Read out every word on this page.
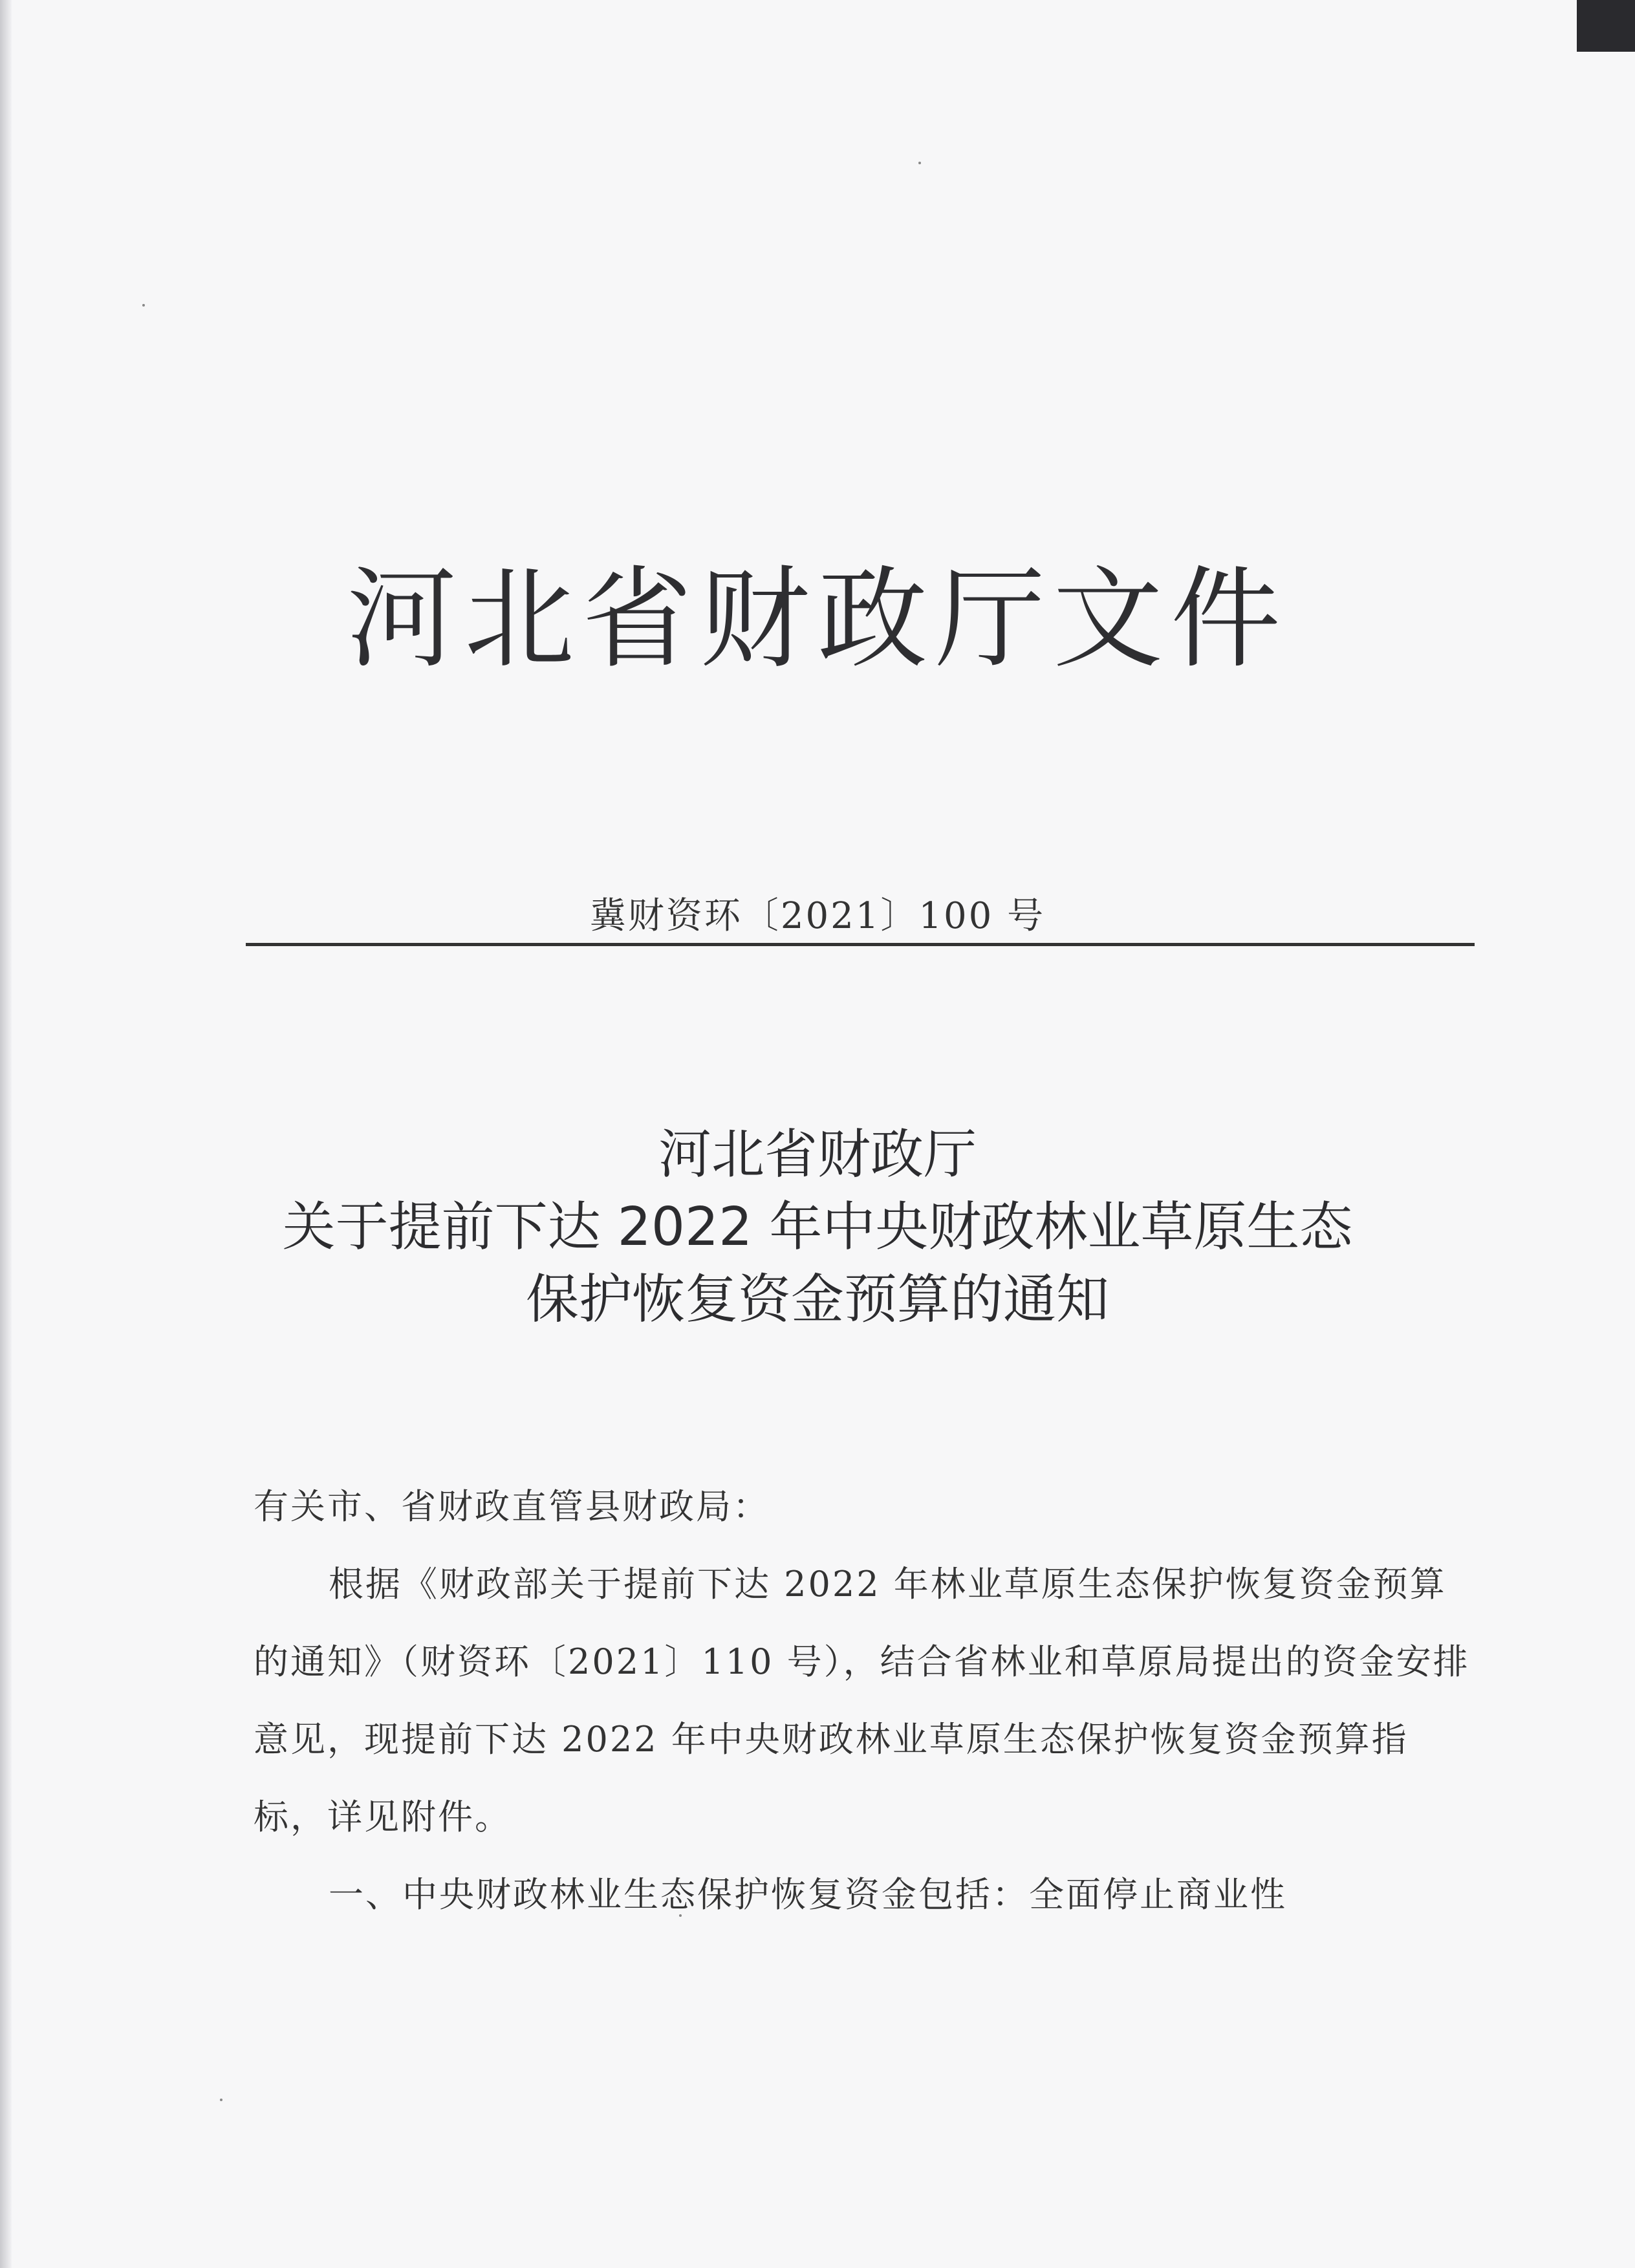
河北省财政厅文件
冀财资环〔2021〕100 号
河北省财政厅
关于提前下达 2022 年中央财政林业草原生态
保护恢复资金预算的通知

有关市、省财政直管县财政局：

根据《财政部关于提前下达 2022 年林业草原生态保护恢复资金预算的通知》（财资环〔2021〕110 号），结合省林业和草原局提出的资金安排意见，现提前下达 2022 年中央财政林业草原生态保护恢复资金预算指标，详见附件。

一、中央财政林业生态保护恢复资金包括：全面停止商业性
